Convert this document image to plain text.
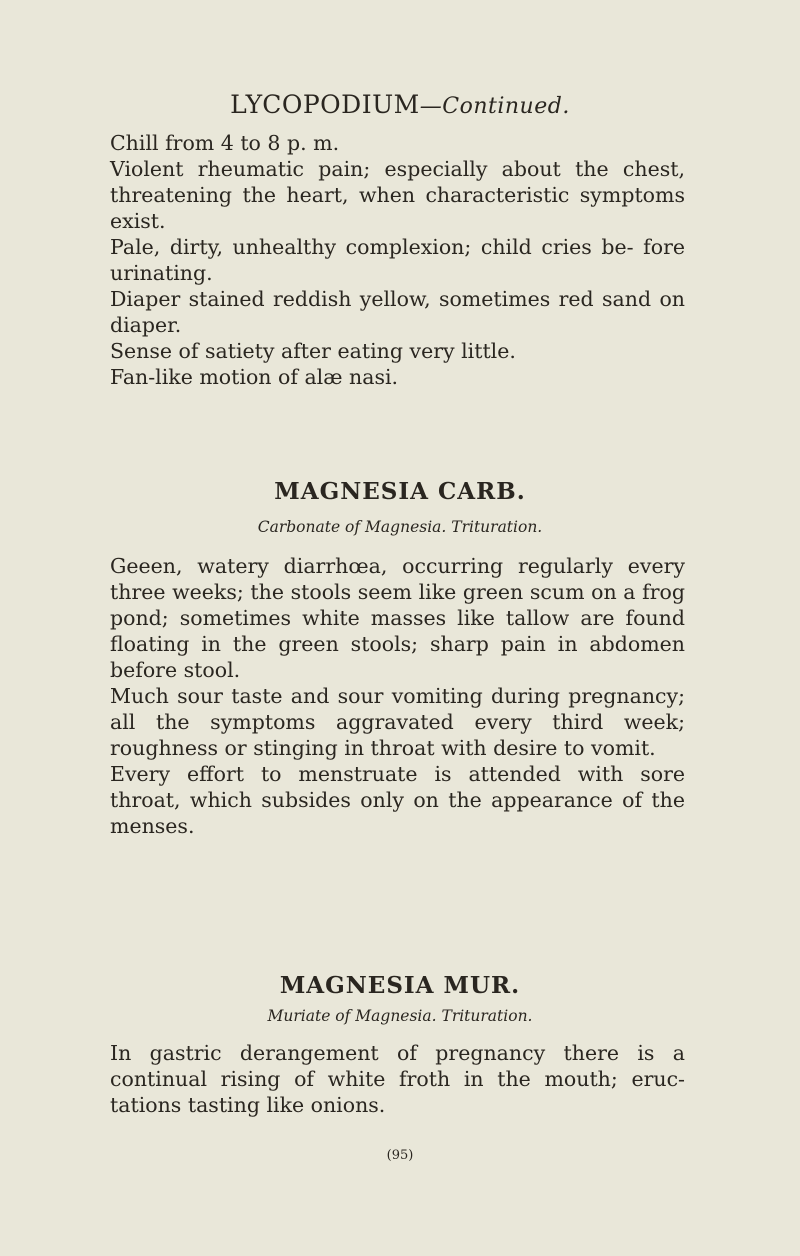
LYCOPODIUM—Continued.

Chill from 4 to 8 p. m.

Violent rheumatic pain; especially about the chest, threatening the heart, when characteristic symptoms exist.

Pale, dirty, unhealthy complexion; child cries be- fore urinating.

Diaper stained reddish yellow, sometimes red sand on diaper.

Sense of satiety after eating very little.

Fan-like motion of alæ nasi.

MAGNESIA CARB.
Carbonate of Magnesia. Trituration.

Geeen, watery diarrhœa, occurring regularly every three weeks; the stools seem like green scum on a frog pond; sometimes white masses like tallow are found floating in the green stools; sharp pain in abdomen before stool.

Much sour taste and sour vomiting during pregnancy; all the symptoms aggravated every third week; roughness or stinging in throat with desire to vomit.

Every effort to menstruate is attended with sore throat, which subsides only on the appearance of the menses.

MAGNESIA MUR.
Muriate of Magnesia. Trituration.

In gastric derangement of pregnancy there is a continual rising of white froth in the mouth; eruc- tations tasting like onions.

(95)
